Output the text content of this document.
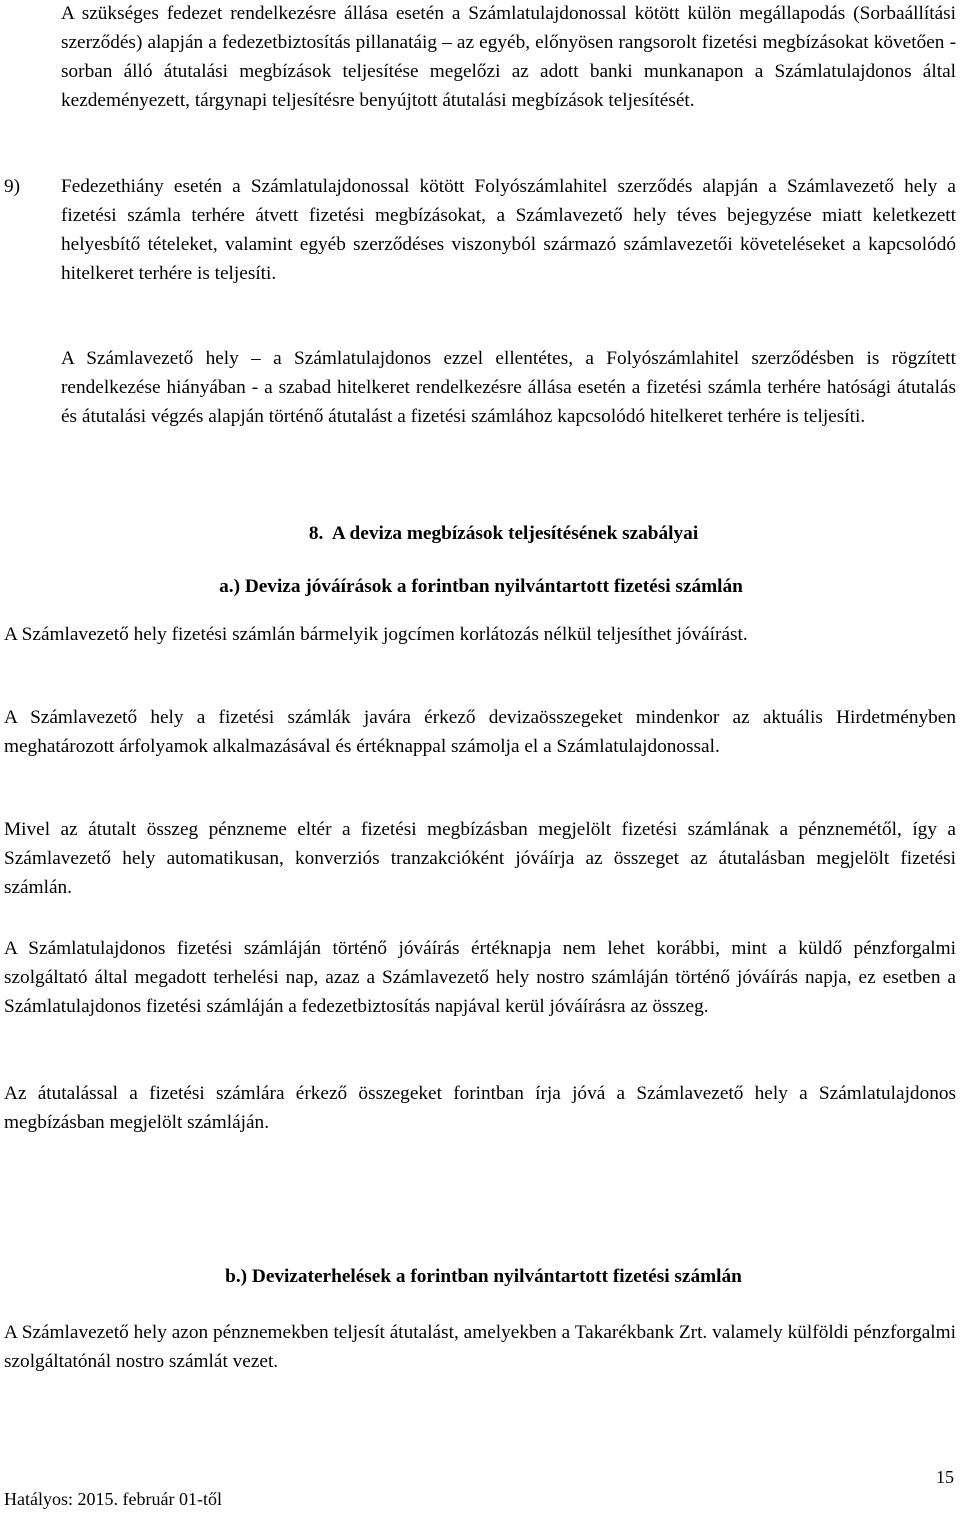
A szükséges fedezet rendelkezésre állása esetén a Számlatulajdonossal kötött külön megállapodás (Sorbaállítási szerződés) alapján a fedezetbiztosítás pillanatáig – az egyéb, előnyösen rangsorolt fizetési megbízásokat követően - sorban álló átutalási megbízások teljesítése megelőzi az adott banki munkanapon a Számlatulajdonos által kezdeményezett, tárgynapi teljesítésre benyújtott átutalási megbízások teljesítését.
9) Fedezethiány esetén a Számlatulajdonossal kötött Folyószámlahitel szerződés alapján a Számlavezető hely a fizetési számla terhére átvett fizetési megbízásokat, a Számlavezető hely téves bejegyzése miatt keletkezett helyesbítő tételeket, valamint egyéb szerződéses viszonyból származó számlavezetői követeléseket a kapcsolódó hitelkeret terhére is teljesíti.
A Számlavezető hely – a Számlatulajdonos ezzel ellentétes, a Folyószámlahitel szerződésben is rögzített rendelkezése hiányában - a szabad hitelkeret rendelkezésre állása esetén a fizetési számla terhére hatósági átutalás és átutalási végzés alapján történő átutalást a fizetési számlához kapcsolódó hitelkeret terhére is teljesíti.
8.  A deviza megbízások teljesítésének szabályai
a.) Deviza jóváírások a forintban nyilvántartott fizetési számlán
A Számlavezető hely fizetési számlán bármelyik jogcímen korlátozás nélkül teljesíthet jóváírást.
A Számlavezető hely a fizetési számlák javára érkező devizaösszegeket mindenkor az aktuális Hirdetményben meghatározott árfolyamok alkalmazásával és értéknappal számolja el a Számlatulajdonossal.
Mivel az átutalt összeg pénzneme eltér a fizetési megbízásban megjelölt fizetési számlának a pénznemétől, így a Számlavezető hely automatikusan, konverziós tranzakcióként jóváírja az összeget az átutalásban megjelölt fizetési számlán.
A Számlatulajdonos fizetési számláján történő jóváírás értéknapja nem lehet korábbi, mint a küldő pénzforgalmi szolgáltató által megadott terhelési nap, azaz a Számlavezető hely nostro számláján történő jóváírás napja, ez esetben a Számlatulajdonos fizetési számláján a fedezetbiztosítás napjával kerül jóváírásra az összeg.
Az átutalással a fizetési számlára érkező összegeket forintban írja jóvá a Számlavezető hely a Számlatulajdonos megbízásban megjelölt számláján.
b.) Devizaterhelések a forintban nyilvántartott fizetési számlán
A Számlavezető hely azon pénznemekben teljesít átutalást, amelyekben a Takarékbank Zrt. valamely külföldi pénzforgalmi szolgáltatónál nostro számlát vezet.
15
Hatályos: 2015. február 01-től
